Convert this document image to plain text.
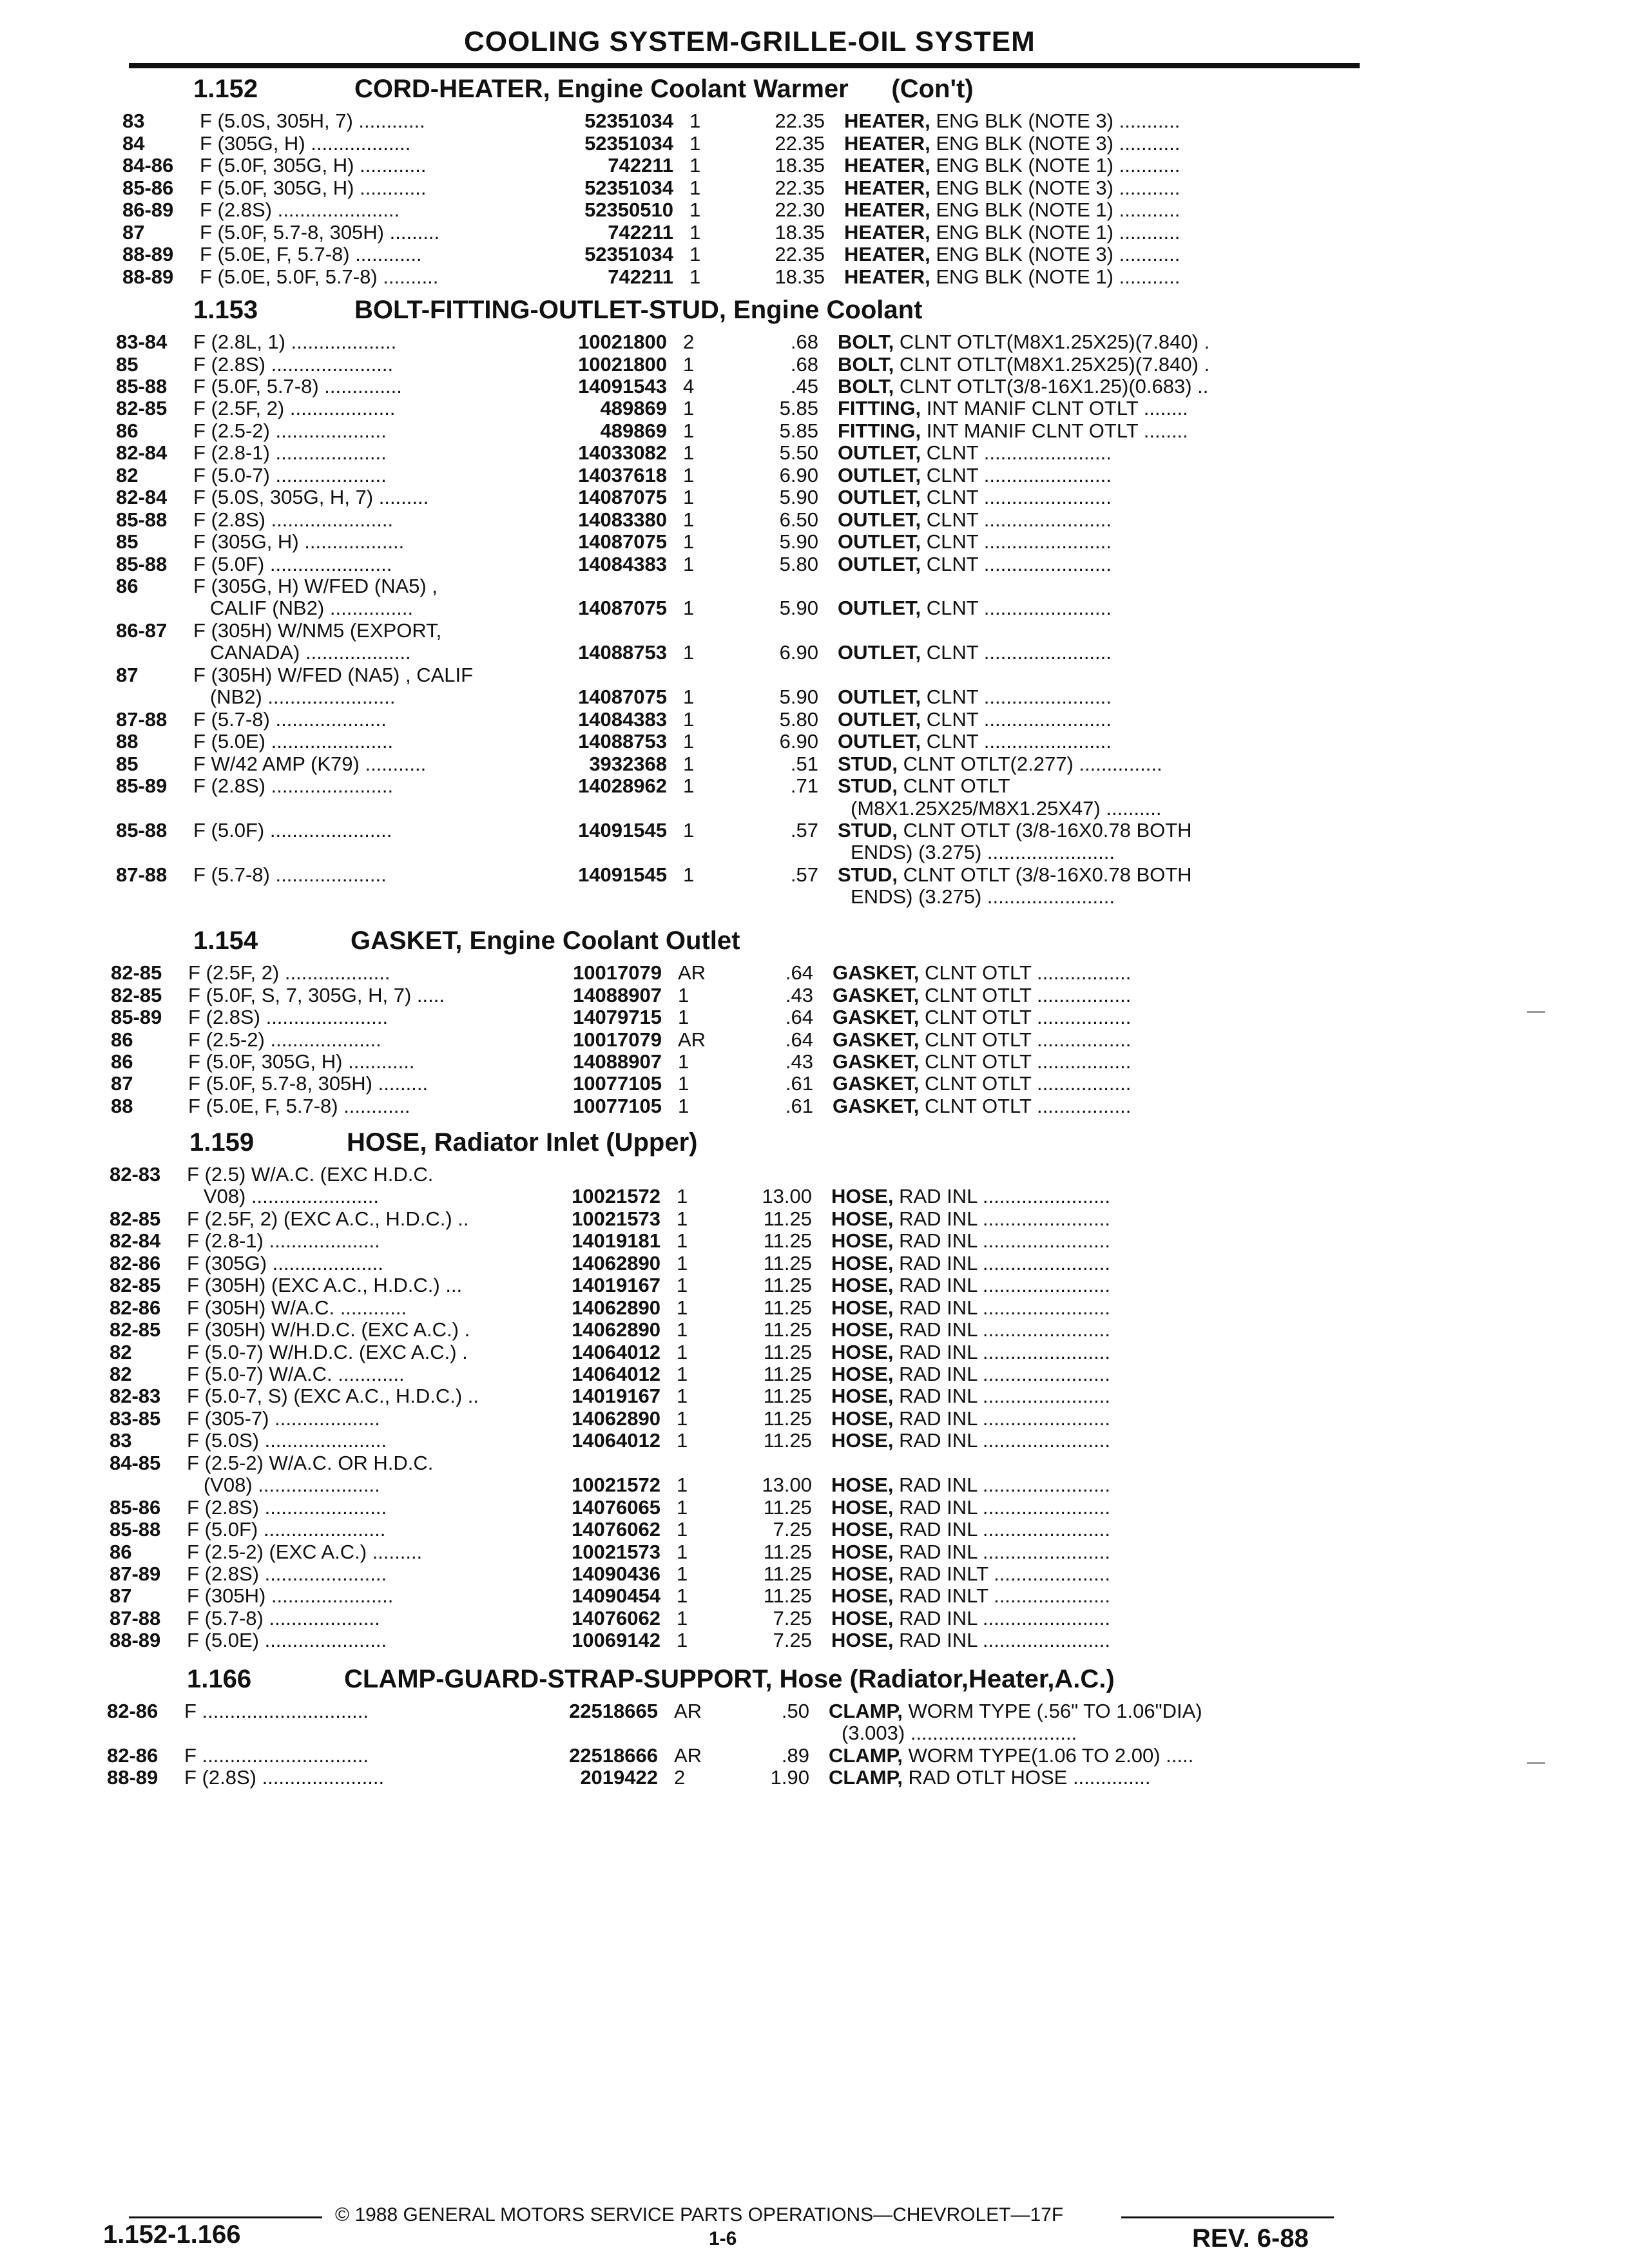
COOLING SYSTEM-GRILLE-OIL SYSTEM
1.152	CORD-HEATER, Engine Coolant Warmer      (Con't)
83	F (5.0S, 305H, 7) ............	52351034 1	22.35 HEATER, ENG BLK (NOTE 3) ...........
84	F (305G, H) ..................	52351034 1	22.35 HEATER, ENG BLK (NOTE 3) ...........
84-86 F (5.0F, 305G, H) ............	742211 1	18.35 HEATER, ENG BLK (NOTE 1) ...........
85-86 F (5.0F, 305G, H) ............	52351034 1	22.35 HEATER, ENG BLK (NOTE 3) ...........
86-89 F (2.8S) ......................	52350510 1	22.30 HEATER, ENG BLK (NOTE 1) ...........
87	F (5.0F, 5.7-8, 305H) .........	742211 1	18.35 HEATER, ENG BLK (NOTE 1) ...........
88-89 F (5.0E, F, 5.7-8) ............	52351034 1	22.35 HEATER, ENG BLK (NOTE 3) ...........
88-89 F (5.0E, 5.0F, 5.7-8) ..........	742211 1	18.35 HEATER, ENG BLK (NOTE 1) ...........
1.153	BOLT-FITTING-OUTLET-STUD, Engine Coolant
83-84 F (2.8L, 1) ...................	10021800 2	.68 BOLT, CLNT OTLT(M8X1.25X25)(7.840) .
85	F (2.8S) ......................	10021800 1	.68 BOLT, CLNT OTLT(M8X1.25X25)(7.840) .
85-88 F (5.0F, 5.7-8) ..............	14091543 4	.45 BOLT, CLNT OTLT(3/8-16X1.25)(0.683) ..
82-85 F (2.5F, 2) ...................	489869 1	5.85 FITTING, INT MANIF CLNT OTLT ........
86	F (2.5-2) ....................	489869 1	5.85 FITTING, INT MANIF CLNT OTLT ........
82-84 F (2.8-1) ....................	14033082 1	5.50 OUTLET, CLNT .......................
82	F (5.0-7) ....................	14037618 1	6.90 OUTLET, CLNT .......................
82-84 F (5.0S, 305G, H, 7) .........	14087075 1	5.90 OUTLET, CLNT .......................
85-88 F (2.8S) ......................	14083380 1	6.50 OUTLET, CLNT .......................
85	F (305G, H) ..................	14087075 1	5.90 OUTLET, CLNT .......................
85-88 F (5.0F) ......................	14084383 1	5.80 OUTLET, CLNT .......................
86	F (305G, H) W/FED (NA5) ,
CALIF (NB2) ...............	14087075 1	5.90 OUTLET, CLNT .......................
86-87 F (305H) W/NM5 (EXPORT,
CANADA) ...................	14088753 1	6.90 OUTLET, CLNT .......................
87	F (305H) W/FED (NA5) , CALIF
(NB2) .......................	14087075 1	5.90 OUTLET, CLNT .......................
87-88 F (5.7-8) ....................	14084383 1	5.80 OUTLET, CLNT .......................
88	F (5.0E) ......................	14088753 1	6.90 OUTLET, CLNT .......................
85	F W/42 AMP (K79) ...........	3932368 1	.51 STUD, CLNT OTLT(2.277) ...............
85-89 F (2.8S) ......................	14028962 1	.71 STUD, CLNT OTLT
(M8X1.25X25/M8X1.25X47) ..........
85-88 F (5.0F) ......................	14091545 1	.57 STUD, CLNT OTLT (3/8-16X0.78 BOTH
ENDS) (3.275) .......................
87-88 F (5.7-8) ....................	14091545 1	.57 STUD, CLNT OTLT (3/8-16X0.78 BOTH
ENDS) (3.275) .......................
1.154	GASKET, Engine Coolant Outlet
82-85 F (2.5F, 2) ...................	10017079 AR	.64 GASKET, CLNT OTLT .................
82-85 F (5.0F, S, 7, 305G, H, 7) .....	14088907 1	.43 GASKET, CLNT OTLT .................
85-89 F (2.8S) ......................	14079715 1	.64 GASKET, CLNT OTLT .................
86	F (2.5-2) ....................	10017079 AR	.64 GASKET, CLNT OTLT .................
86	F (5.0F, 305G, H) ............	14088907 1	.43 GASKET, CLNT OTLT .................
87	F (5.0F, 5.7-8, 305H) .........	10077105 1	.61 GASKET, CLNT OTLT .................
88	F (5.0E, F, 5.7-8) ............	10077105 1	.61 GASKET, CLNT OTLT .................
1.159	HOSE, Radiator Inlet (Upper)
82-83 F (2.5) W/A.C. (EXC H.D.C.
V08) .......................	10021572 1	13.00 HOSE, RAD INL .......................
82-85 F (2.5F, 2) (EXC A.C., H.D.C.) ..	10021573 1	11.25 HOSE, RAD INL .......................
82-84 F (2.8-1) ....................	14019181 1	11.25 HOSE, RAD INL .......................
82-86 F (305G) ....................	14062890 1	11.25 HOSE, RAD INL .......................
82-85 F (305H) (EXC A.C., H.D.C.) ...	14019167 1	11.25 HOSE, RAD INL .......................
82-86 F (305H) W/A.C. ............	14062890 1	11.25 HOSE, RAD INL .......................
82-85 F (305H) W/H.D.C. (EXC A.C.) .	14062890 1	11.25 HOSE, RAD INL .......................
82	F (5.0-7) W/H.D.C. (EXC A.C.) .	14064012 1	11.25 HOSE, RAD INL .......................
82	F (5.0-7) W/A.C. ............	14064012 1	11.25 HOSE, RAD INL .......................
82-83 F (5.0-7, S) (EXC A.C., H.D.C.) ..	14019167 1	11.25 HOSE, RAD INL .......................
83-85 F (305-7) ...................	14062890 1	11.25 HOSE, RAD INL .......................
83	F (5.0S) ......................	14064012 1	11.25 HOSE, RAD INL .......................
84-85 F (2.5-2) W/A.C. OR H.D.C.
(V08) ......................	10021572 1	13.00 HOSE, RAD INL .......................
85-86 F (2.8S) ......................	14076065 1	11.25 HOSE, RAD INL .......................
85-88 F (5.0F) ......................	14076062 1	7.25 HOSE, RAD INL .......................
86	F (2.5-2) (EXC A.C.) .........	10021573 1	11.25 HOSE, RAD INL .......................
87-89 F (2.8S) ......................	14090436 1	11.25 HOSE, RAD INLT .....................
87	F (305H) ......................	14090454 1	11.25 HOSE, RAD INLT .....................
87-88 F (5.7-8) ....................	14076062 1	7.25 HOSE, RAD INL .......................
88-89 F (5.0E) ......................	10069142 1	7.25 HOSE, RAD INL .......................
1.166	CLAMP-GUARD-STRAP-SUPPORT, Hose (Radiator,Heater,A.C.)
82-86 F ..............................	22518665 AR	.50 CLAMP, WORM TYPE (.56" TO 1.06"DIA)
(3.003) ..............................
82-86 F ..............................	22518666 AR	.89 CLAMP, WORM TYPE(1.06 TO 2.00) .....
88-89 F (2.8S) ......................	2019422 2	1.90 CLAMP, RAD OTLT HOSE ..............
© 1988 GENERAL MOTORS SERVICE PARTS OPERATIONS—CHEVROLET—17F
1.152-1.166	1-6	REV. 6-88
